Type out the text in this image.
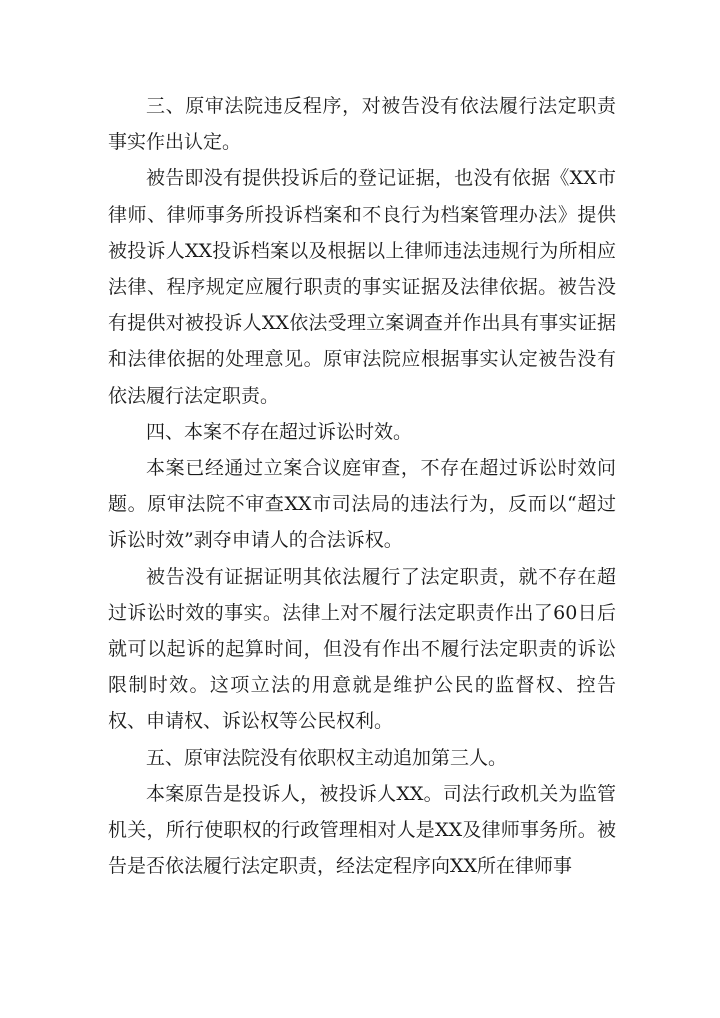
三、原审法院违反程序，对被告没有依法履行法定职责事实作出认定。

被告即没有提供投诉后的登记证据，也没有依据《XX市律师、律师事务所投诉档案和不良行为档案管理办法》提供被投诉人XX投诉档案以及根据以上律师违法违规行为所相应法律、程序规定应履行职责的事实证据及法律依据。被告没有提供对被投诉人XX依法受理立案调查并作出具有事实证据和法律依据的处理意见。原审法院应根据事实认定被告没有依法履行法定职责。

四、本案不存在超过诉讼时效。

本案已经通过立案合议庭审查，不存在超过诉讼时效问题。原审法院不审查XX市司法局的违法行为，反而以“超过诉讼时效”剥夺申请人的合法诉权。

被告没有证据证明其依法履行了法定职责，就不存在超过诉讼时效的事实。法律上对不履行法定职责作出了60日后就可以起诉的起算时间，但没有作出不履行法定职责的诉讼限制时效。这项立法的用意就是维护公民的监督权、控告权、申请权、诉讼权等公民权利。

五、原审法院没有依职权主动追加第三人。

本案原告是投诉人，被投诉人XX。司法行政机关为监管机关，所行使职权的行政管理相对人是XX及律师事务所。被告是否依法履行法定职责，经法定程序向XX所在律师事
